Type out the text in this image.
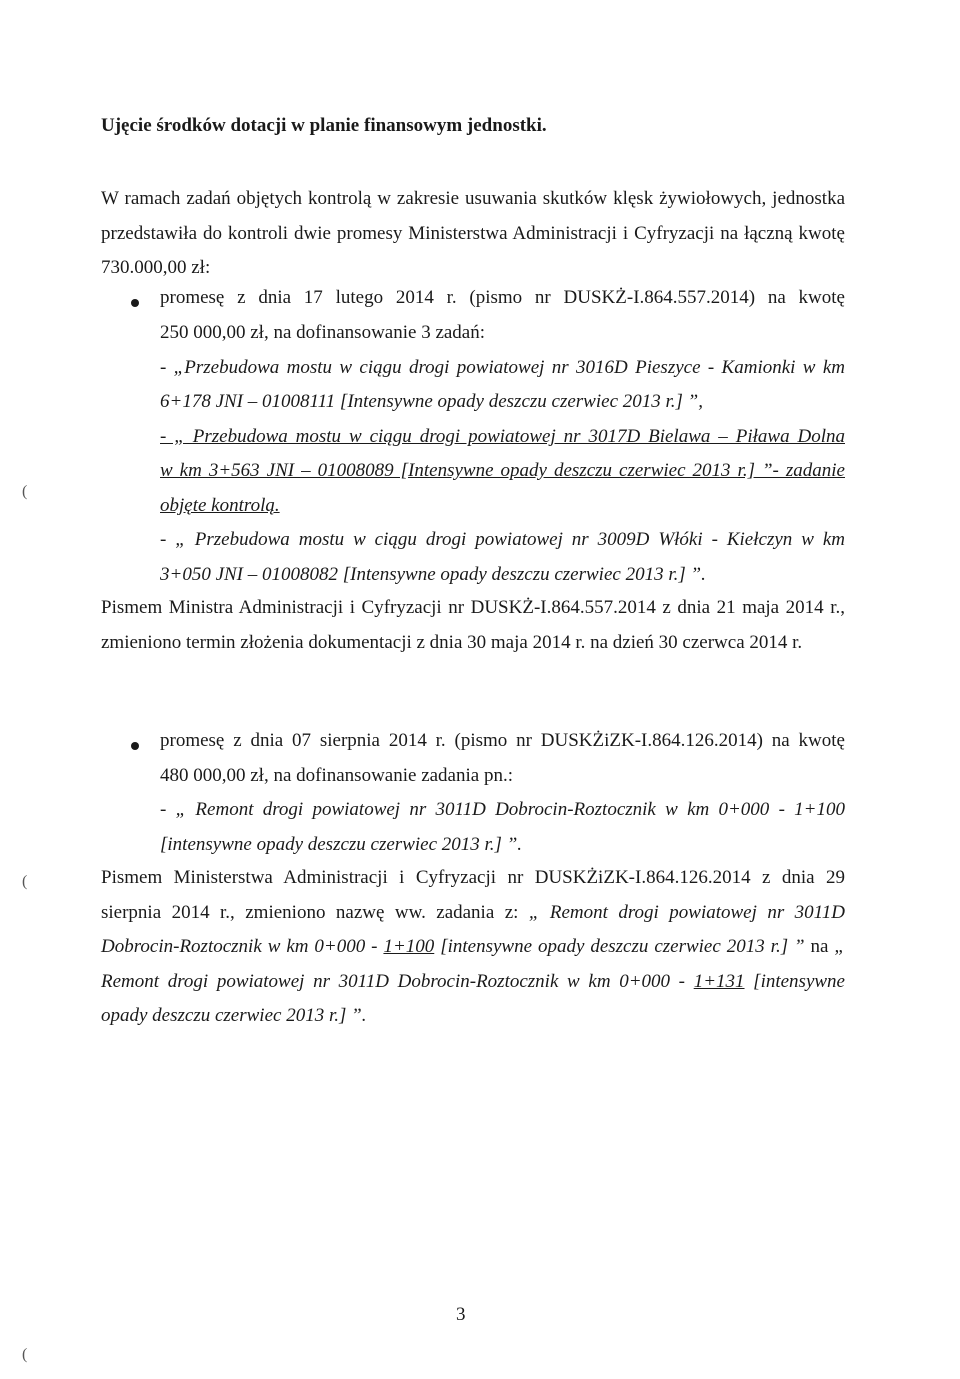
Ujęcie środków dotacji w planie finansowym jednostki.
W ramach zadań objętych kontrolą w zakresie usuwania skutków klęsk żywiołowych, jednostka przedstawiła do kontroli dwie promesy Ministerstwa Administracji i Cyfryzacji na łączną kwotę 730.000,00 zł:
promesę z dnia 17 lutego 2014 r. (pismo nr DUSKŻ-I.864.557.2014) na kwotę
250 000,00 zł, na dofinansowanie 3 zadań:
- „Przebudowa mostu w ciągu drogi powiatowej nr 3016D Pieszyce - Kamionki w km
6+178 JNI – 01008111 [Intensywne opady deszczu czerwiec 2013 r.] ”,
- „ Przebudowa mostu w ciągu drogi powiatowej nr 3017D Bielawa – Piława Dolna
w km 3+563 JNI – 01008089 [Intensywne opady deszczu czerwiec 2013 r.] ”- zadanie
objęte kontrolą.
- „ Przebudowa mostu w ciągu drogi powiatowej nr 3009D Włóki - Kiełczyn w km
3+050 JNI – 01008082 [Intensywne opady deszczu czerwiec 2013 r.] ”.
Pismem Ministra Administracji i Cyfryzacji nr DUSKŻ-I.864.557.2014 z dnia 21 maja 2014 r., zmieniono termin złożenia dokumentacji z dnia 30 maja 2014 r. na dzień 30 czerwca 2014 r.
promesę z dnia 07 sierpnia 2014 r. (pismo nr DUSKŻiZK-I.864.126.2014) na kwotę
480 000,00 zł, na dofinansowanie zadania pn.:
- „ Remont drogi powiatowej nr 3011D Dobrocin-Roztocznik w km 0+000 - 1+100
[intensywne opady deszczu czerwiec 2013 r.] ”.
Pismem Ministerstwa Administracji i Cyfryzacji nr DUSKŻiZK-I.864.126.2014 z dnia 29 sierpnia 2014 r., zmieniono nazwę ww. zadania z: „ Remont drogi powiatowej nr 3011D Dobrocin-Roztocznik w km 0+000 - 1+100 [intensywne opady deszczu czerwiec 2013 r.] ” na „ Remont drogi powiatowej nr 3011D Dobrocin-Roztocznik w km 0+000 - 1+131 [intensywne opady deszczu czerwiec 2013 r.] ”.
(
(
(
3
